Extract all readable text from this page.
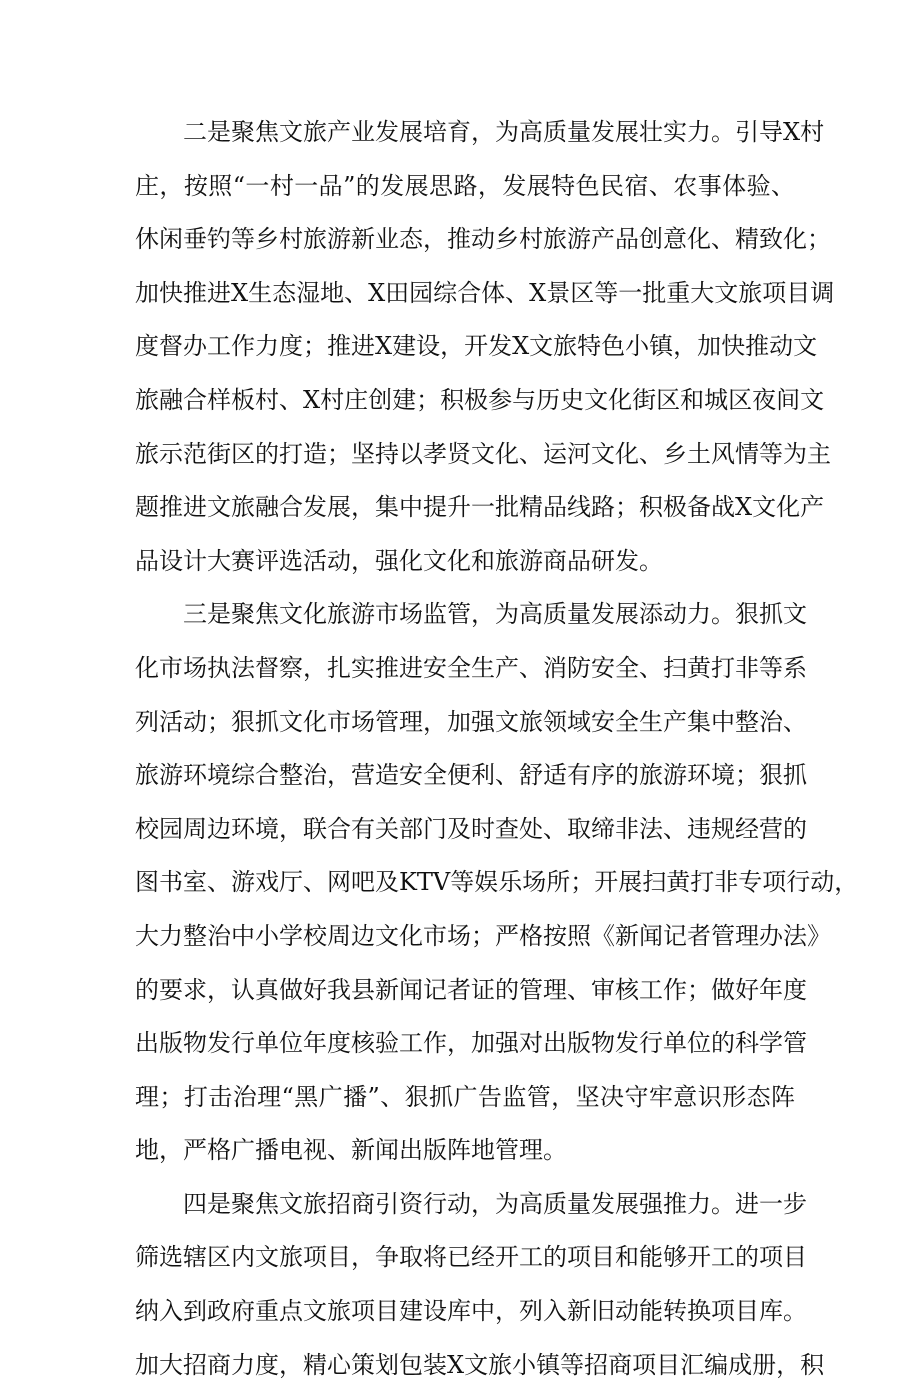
二是聚焦文旅产业发展培育，为高质量发展壮实力。引导X村
庄，按照“一村一品”的发展思路，发展特色民宿、农事体验、
休闲垂钓等乡村旅游新业态，推动乡村旅游产品创意化、精致化；
加快推进X生态湿地、X田园综合体、X景区等一批重大文旅项目调
度督办工作力度；推进X建设，开发X文旅特色小镇，加快推动文
旅融合样板村、X村庄创建；积极参与历史文化街区和城区夜间文
旅示范街区的打造；坚持以孝贤文化、运河文化、乡土风情等为主
题推进文旅融合发展，集中提升一批精品线路；积极备战X文化产
品设计大赛评选活动，强化文化和旅游商品研发。
三是聚焦文化旅游市场监管，为高质量发展添动力。狠抓文
化市场执法督察，扎实推进安全生产、消防安全、扫黄打非等系
列活动；狠抓文化市场管理，加强文旅领域安全生产集中整治、
旅游环境综合整治，营造安全便利、舒适有序的旅游环境；狠抓
校园周边环境，联合有关部门及时查处、取缔非法、违规经营的
图书室、游戏厅、网吧及KTV等娱乐场所；开展扫黄打非专项行动，
大力整治中小学校周边文化市场；严格按照《新闻记者管理办法》
的要求，认真做好我县新闻记者证的管理、审核工作；做好年度
出版物发行单位年度核验工作，加强对出版物发行单位的科学管
理；打击治理“黑广播”、狠抓广告监管，坚决守牢意识形态阵
地，严格广播电视、新闻出版阵地管理。
四是聚焦文旅招商引资行动，为高质量发展强推力。进一步
筛选辖区内文旅项目，争取将已经开工的项目和能够开工的项目
纳入到政府重点文旅项目建设库中，列入新旧动能转换项目库。
加大招商力度，精心策划包装X文旅小镇等招商项目汇编成册，积
